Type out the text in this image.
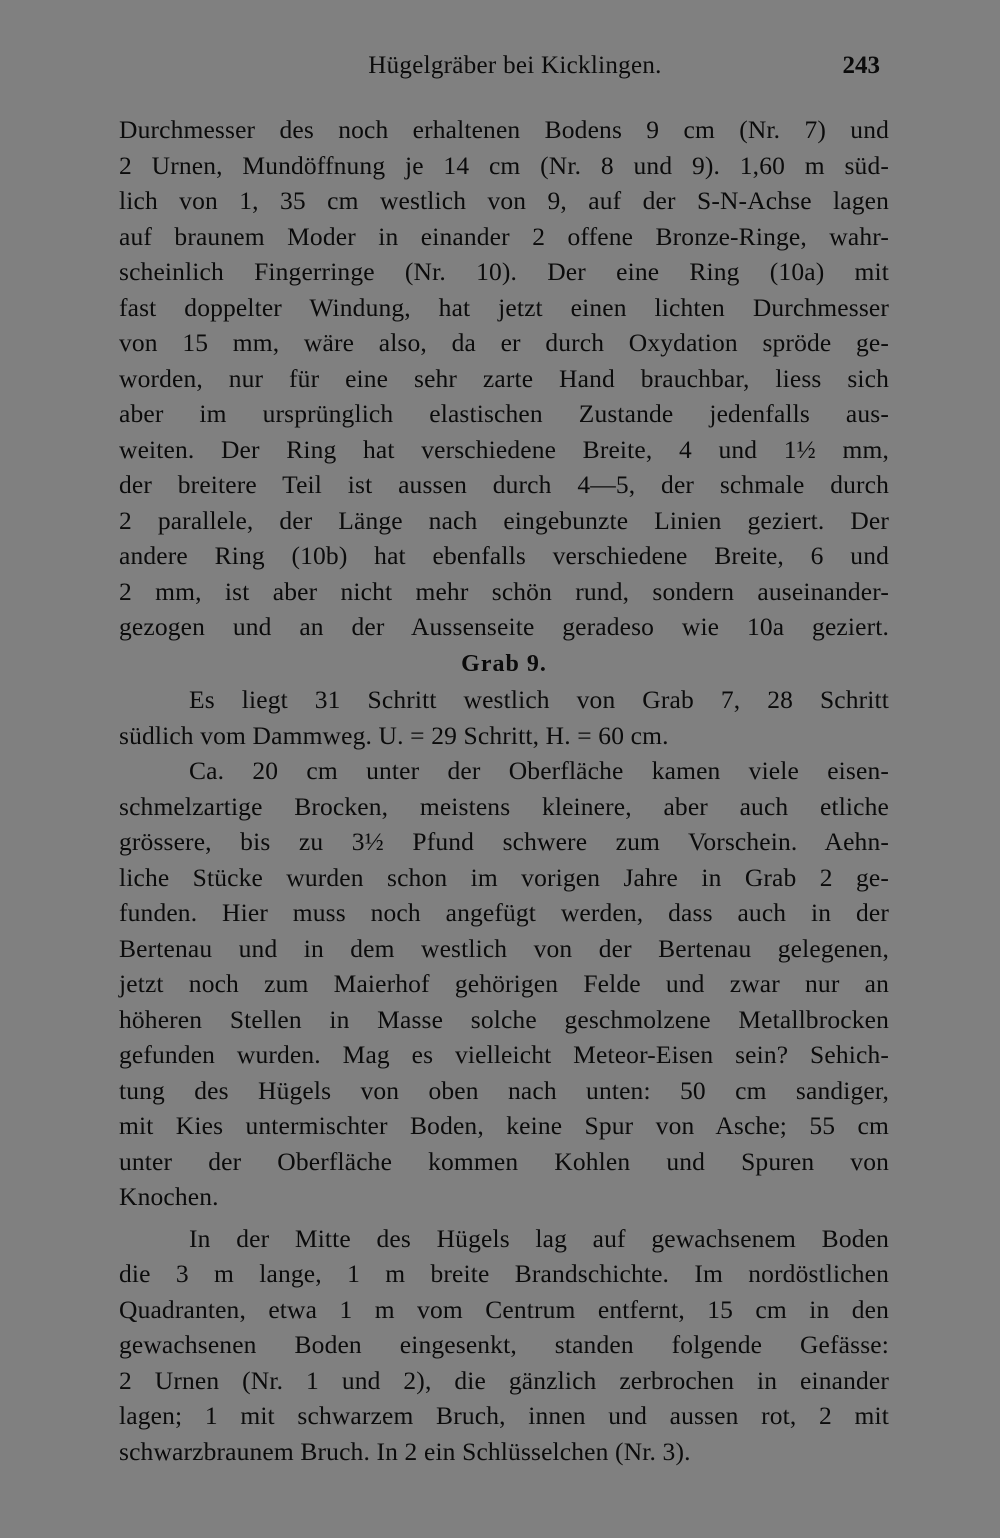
Hügelgräber bei Kicklingen.	243
Durchmesser des noch erhaltenen Bodens 9 cm (Nr. 7) und
2 Urnen, Mundöffnung je 14 cm (Nr. 8 und 9). 1,60 m süd-
lich von 1, 35 cm westlich von 9, auf der S-N-Achse lagen
auf braunem Moder in einander 2 offene Bronze-Ringe, wahr-
scheinlich Fingerringe (Nr. 10). Der eine Ring (10a) mit
fast doppelter Windung, hat jetzt einen lichten Durchmesser
von 15 mm, wäre also, da er durch Oxydation spröde ge-
worden, nur für eine sehr zarte Hand brauchbar, liess sich
aber im ursprünglich elastischen Zustande jedenfalls aus-
weiten. Der Ring hat verschiedene Breite, 4 und 1½ mm,
der breitere Teil ist aussen durch 4—5, der schmale durch
2 parallele, der Länge nach eingebunzte Linien geziert. Der
andere Ring (10b) hat ebenfalls verschiedene Breite, 6 und
2 mm, ist aber nicht mehr schön rund, sondern auseinander-
gezogen und an der Aussenseite geradeso wie 10a geziert.
Grab 9.
Es liegt 31 Schritt westlich von Grab 7, 28 Schritt
südlich vom Dammweg. U. = 29 Schritt, H. = 60 cm.
Ca. 20 cm unter der Oberfläche kamen viele eisen-
schmelzartige Brocken, meistens kleinere, aber auch etliche
grössere, bis zu 3½ Pfund schwere zum Vorschein. Aehn-
liche Stücke wurden schon im vorigen Jahre in Grab 2 ge-
funden. Hier muss noch angefügt werden, dass auch in der
Bertenau und in dem westlich von der Bertenau gelegenen,
jetzt noch zum Maierhof gehörigen Felde und zwar nur an
höheren Stellen in Masse solche geschmolzene Metallbrocken
gefunden wurden. Mag es vielleicht Meteor-Eisen sein? Sehich-
tung des Hügels von oben nach unten: 50 cm sandiger,
mit Kies untermischter Boden, keine Spur von Asche; 55 cm
unter der Oberfläche kommen Kohlen und Spuren von
Knochen.
In der Mitte des Hügels lag auf gewachsenem Boden
die 3 m lange, 1 m breite Brandschichte. Im nordöstlichen
Quadranten, etwa 1 m vom Centrum entfernt, 15 cm in den
gewachsenen Boden eingesenkt, standen folgende Gefässe:
2 Urnen (Nr. 1 und 2), die gänzlich zerbrochen in einander
lagen; 1 mit schwarzem Bruch, innen und aussen rot, 2 mit
schwarzbraunem Bruch. In 2 ein Schlüsselchen (Nr. 3).
